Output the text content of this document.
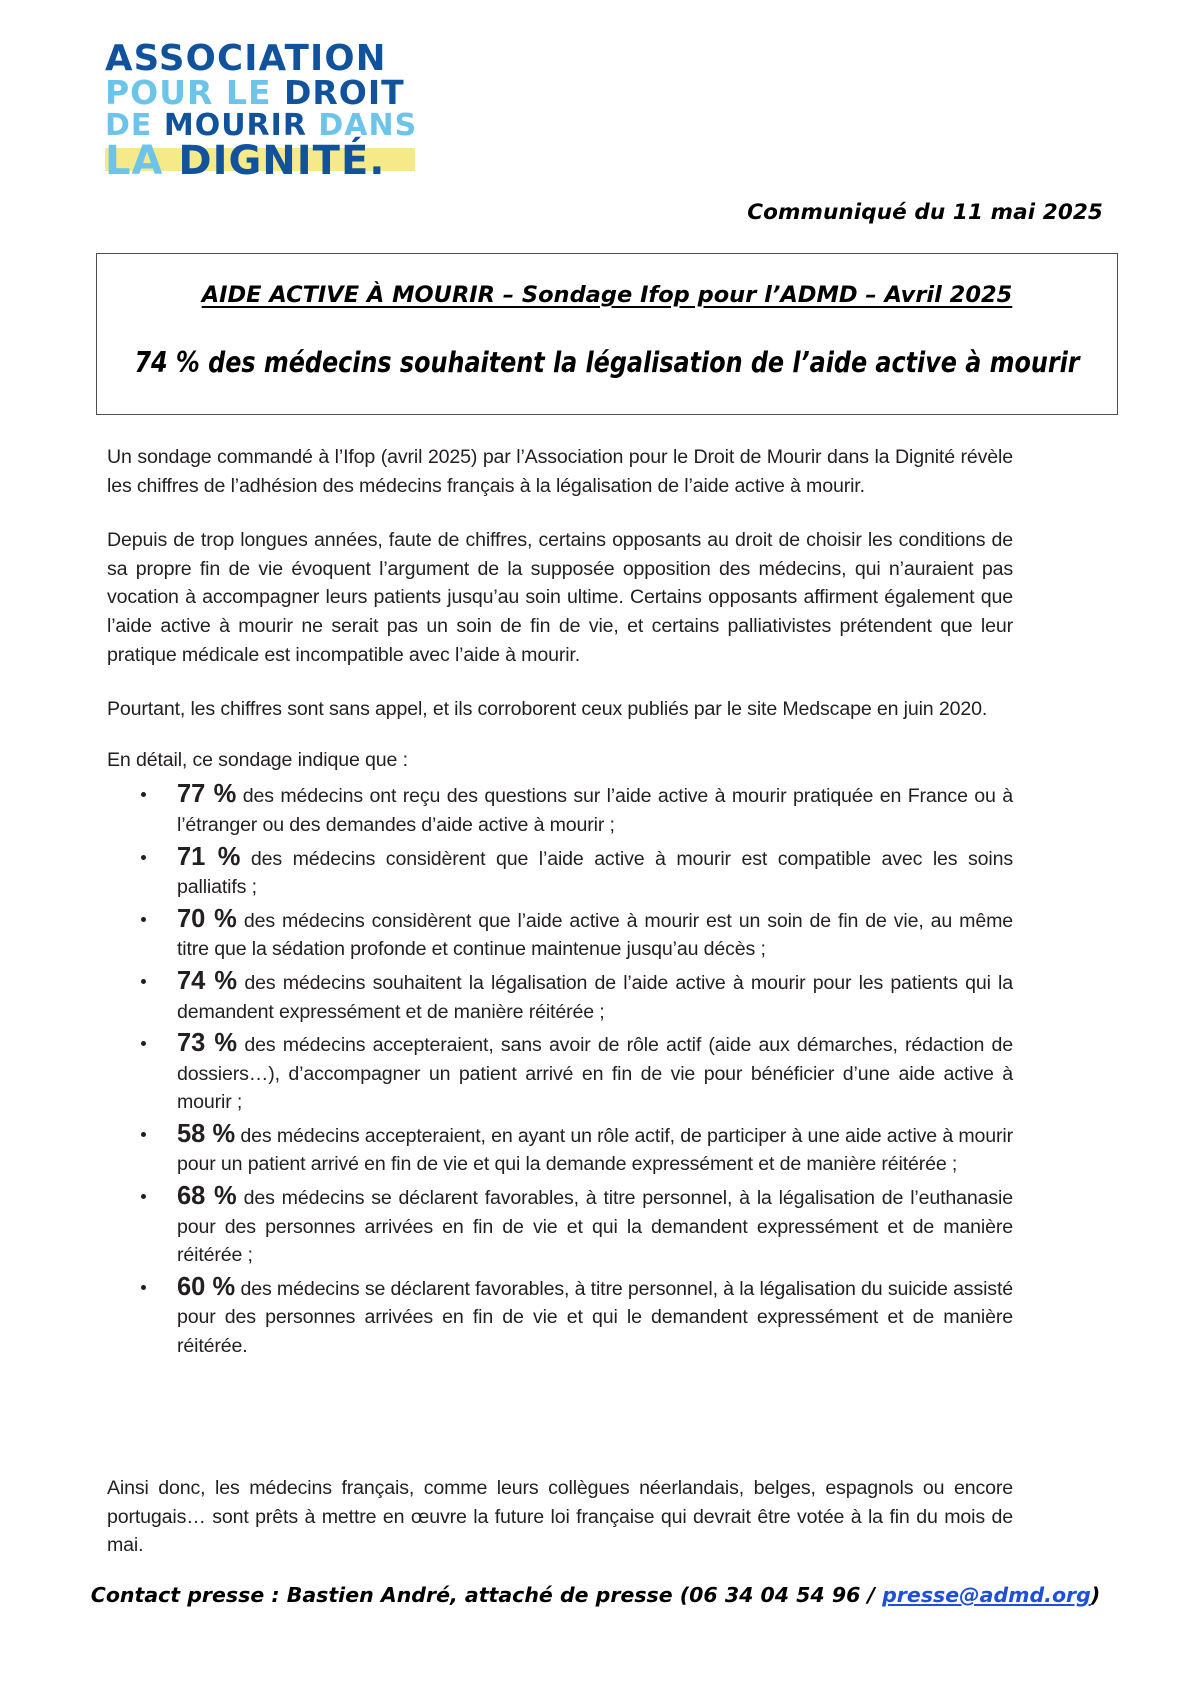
ASSOCIATION
POUR LE DROIT
DE MOURIR DANS
LA DIGNITÉ.
Communiqué du 11 mai 2025
AIDE ACTIVE À MOURIR – Sondage Ifop pour l’ADMD – Avril 2025
74 % des médecins souhaitent la légalisation de l’aide active à mourir

Un sondage commandé à l’Ifop (avril 2025) par l’Association pour le Droit de Mourir dans la Dignité révèle les chiffres de l’adhésion des médecins français à la légalisation de l’aide active à mourir.

Depuis de trop longues années, faute de chiffres, certains opposants au droit de choisir les conditions de sa propre fin de vie évoquent l’argument de la supposée opposition des médecins, qui n’auraient pas vocation à accompagner leurs patients jusqu’au soin ultime. Certains opposants affirment également que l’aide active à mourir ne serait pas un soin de fin de vie, et certains palliativistes prétendent que leur pratique médicale est incompatible avec l’aide à mourir.

Pourtant, les chiffres sont sans appel, et ils corroborent ceux publiés par le site Medscape en juin 2020.

En détail, ce sondage indique que :

77 % des médecins ont reçu des questions sur l’aide active à mourir pratiquée en France ou à l’étranger ou des demandes d’aide active à mourir ;
71 % des médecins considèrent que l’aide active à mourir est compatible avec les soins palliatifs ;
70 % des médecins considèrent que l’aide active à mourir est un soin de fin de vie, au même titre que la sédation profonde et continue maintenue jusqu’au décès ;
74 % des médecins souhaitent la légalisation de l’aide active à mourir pour les patients qui la demandent expressément et de manière réitérée ;
73 % des médecins accepteraient, sans avoir de rôle actif (aide aux démarches, rédaction de dossiers…), d’accompagner un patient arrivé en fin de vie pour bénéficier d’une aide active à mourir ;
58 % des médecins accepteraient, en ayant un rôle actif, de participer à une aide active à mourir pour un patient arrivé en fin de vie et qui la demande expressément et de manière réitérée ;
68 % des médecins se déclarent favorables, à titre personnel, à la légalisation de l’euthanasie pour des personnes arrivées en fin de vie et qui la demandent expressément et de manière réitérée ;
60 % des médecins se déclarent favorables, à titre personnel, à la légalisation du suicide assisté pour des personnes arrivées en fin de vie et qui le demandent expressément et de manière réitérée.
Ainsi donc, les médecins français, comme leurs collègues néerlandais, belges, espagnols ou encore portugais… sont prêts à mettre en œuvre la future loi française qui devrait être votée à la fin du mois de mai.
Contact presse : Bastien André, attaché de presse (06 34 04 54 96 / presse@admd.org)
